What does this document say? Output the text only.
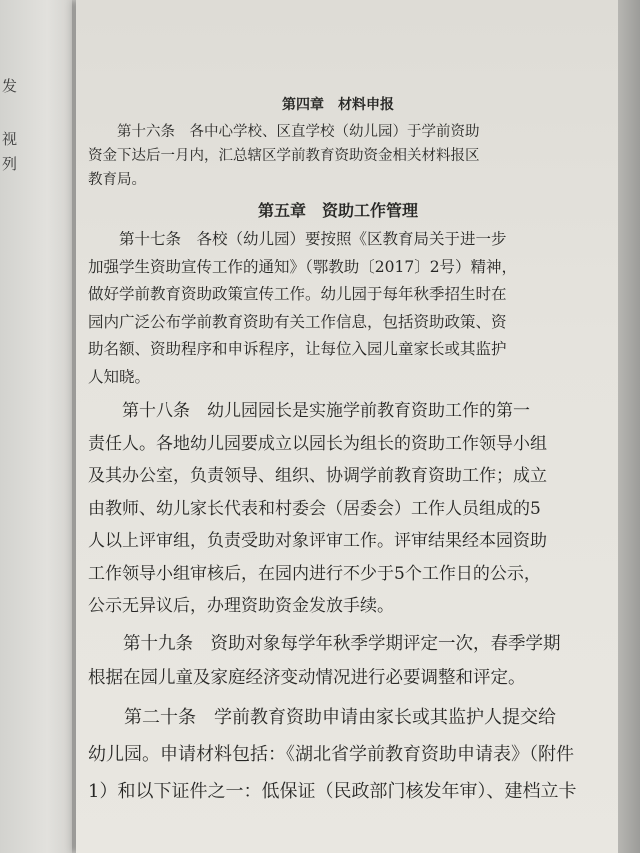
发
视
列
第四章　材料申报
　　第十六条　各中心学校、区直学校（幼儿园）于学前资助
资金下达后一月内，汇总辖区学前教育资助资金相关材料报区
教育局。
第五章　资助工作管理
　　第十七条　各校（幼儿园）要按照《区教育局关于进一步
加强学生资助宣传工作的通知》（鄂教助〔2017〕2号）精神，
做好学前教育资助政策宣传工作。幼儿园于每年秋季招生时在
园内广泛公布学前教育资助有关工作信息，包括资助政策、资
助名额、资助程序和申诉程序，让每位入园儿童家长或其监护
人知晓。
　　第十八条　幼儿园园长是实施学前教育资助工作的第一
责任人。各地幼儿园要成立以园长为组长的资助工作领导小组
及其办公室，负责领导、组织、协调学前教育资助工作；成立
由教师、幼儿家长代表和村委会（居委会）工作人员组成的5
人以上评审组，负责受助对象评审工作。评审结果经本园资助
工作领导小组审核后，在园内进行不少于5个工作日的公示，
公示无异议后，办理资助资金发放手续。
　　第十九条　资助对象每学年秋季学期评定一次，春季学期
根据在园儿童及家庭经济变动情况进行必要调整和评定。
　　第二十条　学前教育资助申请由家长或其监护人提交给
幼儿园。申请材料包括：《湖北省学前教育资助申请表》（附件
1）和以下证件之一：低保证（民政部门核发年审）、建档立卡
